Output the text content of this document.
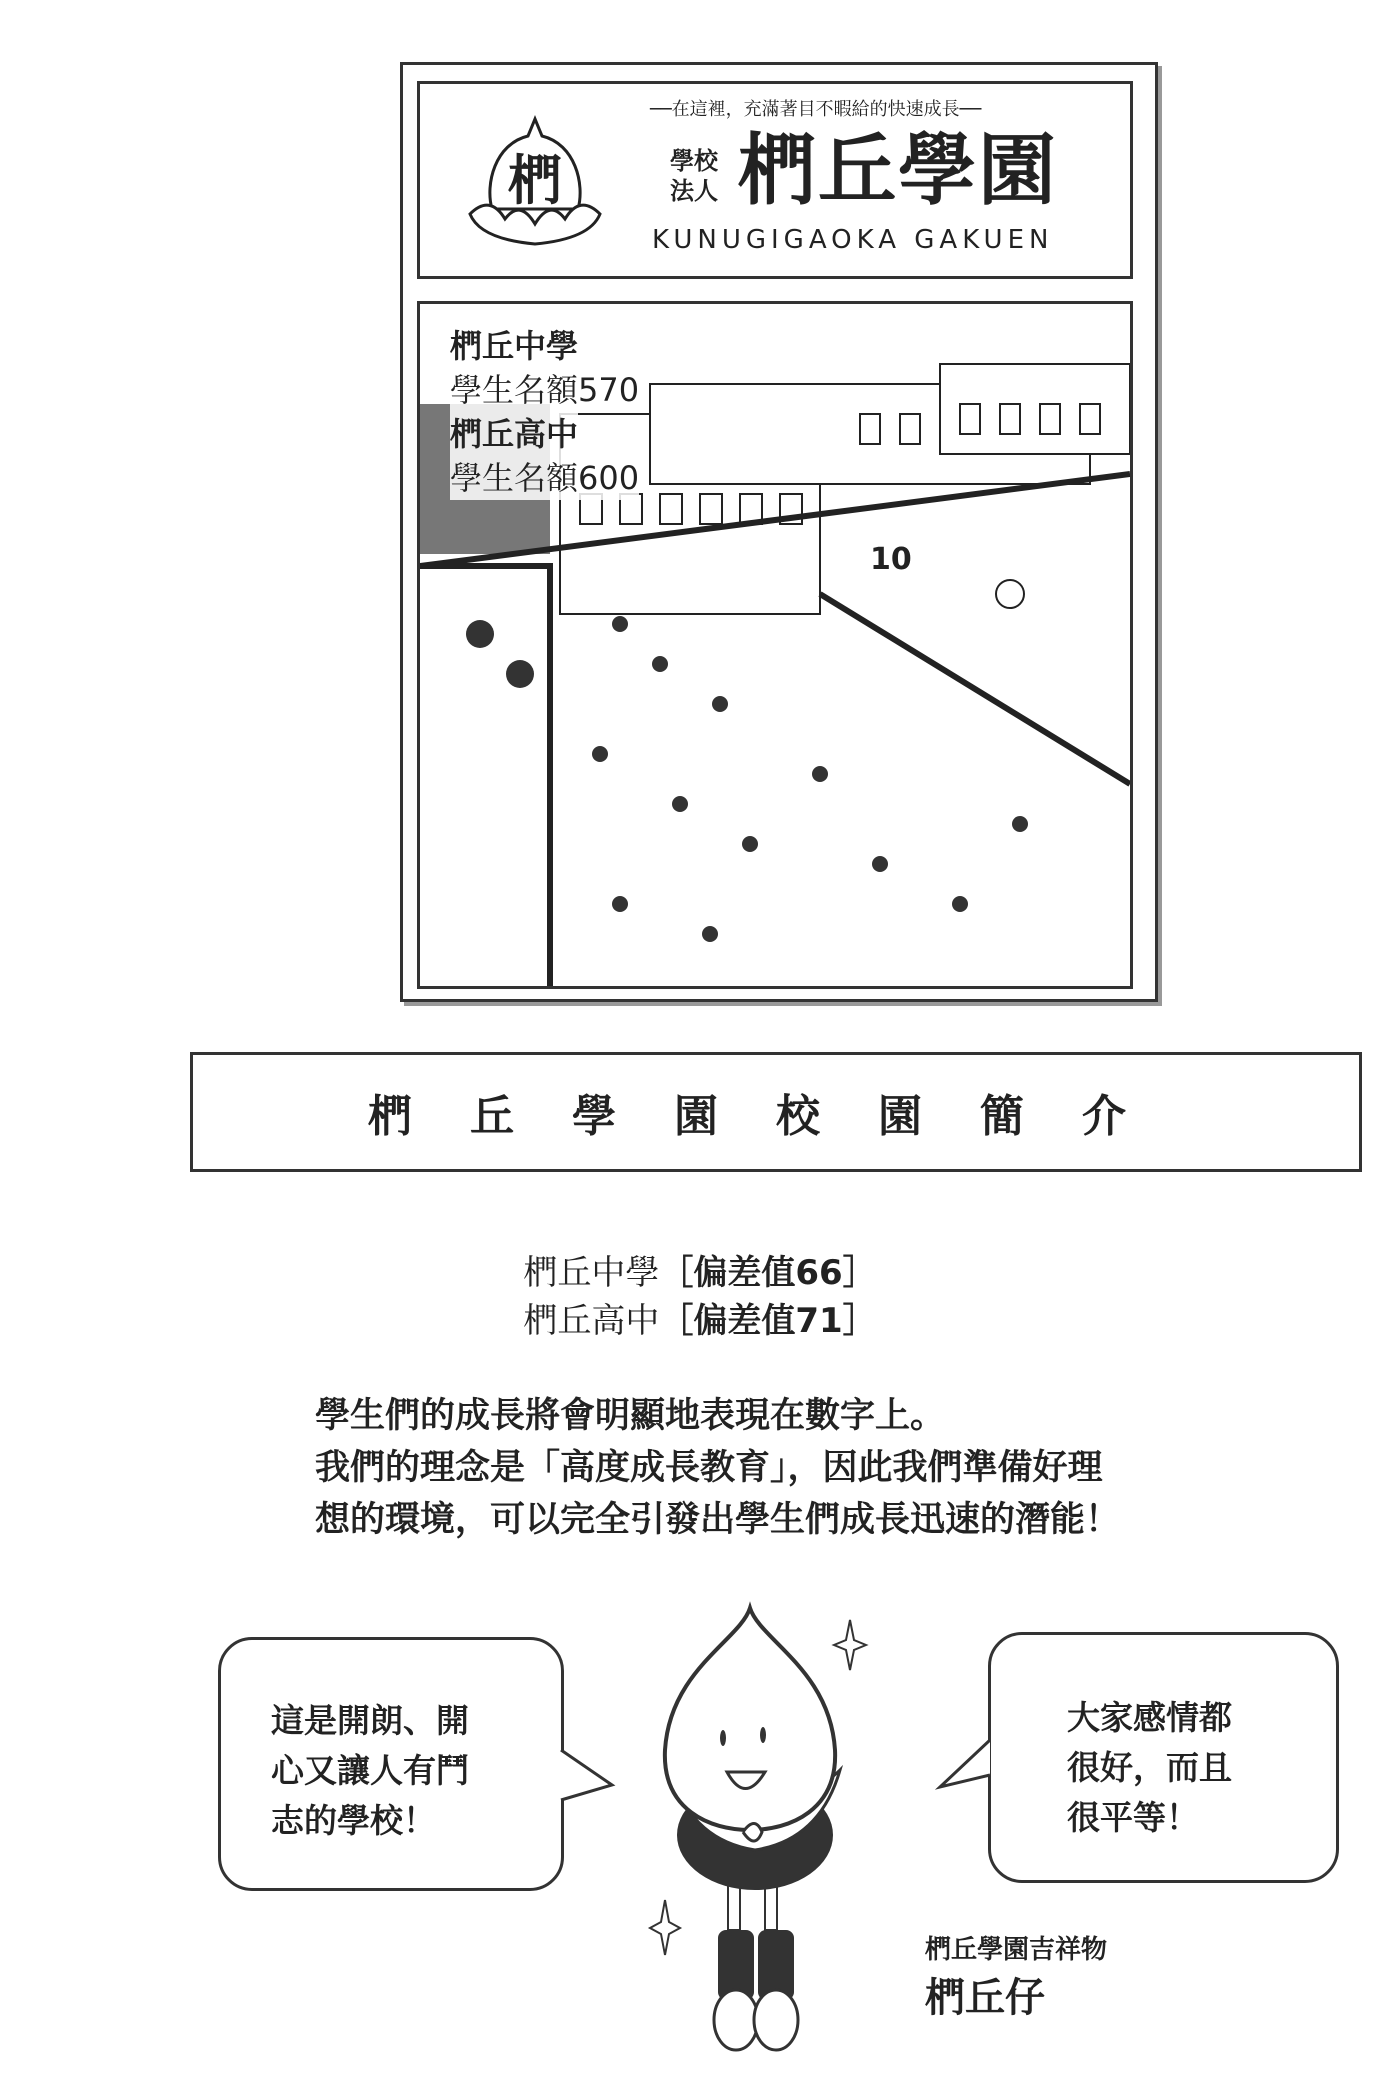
椚
──在這裡，充滿著目不暇給的快速成長──
學校法人 椚丘學園
KUNUGIGAOKA GAKUEN
10
椚丘中學
學生名額570
椚丘高中
學生名額600
椚丘學園校園簡介
椚丘中學［偏差值66］
椚丘高中［偏差值71］
學生們的成長將會明顯地表現在數字上。
我們的理念是「高度成長教育」，因此我們準備好理
想的環境，可以完全引發出學生們成長迅速的潛能！
這是開朗、開
心又讓人有鬥
志的學校！
大家感情都
很好，而且
很平等！
椚丘學園吉祥物
椚丘仔
